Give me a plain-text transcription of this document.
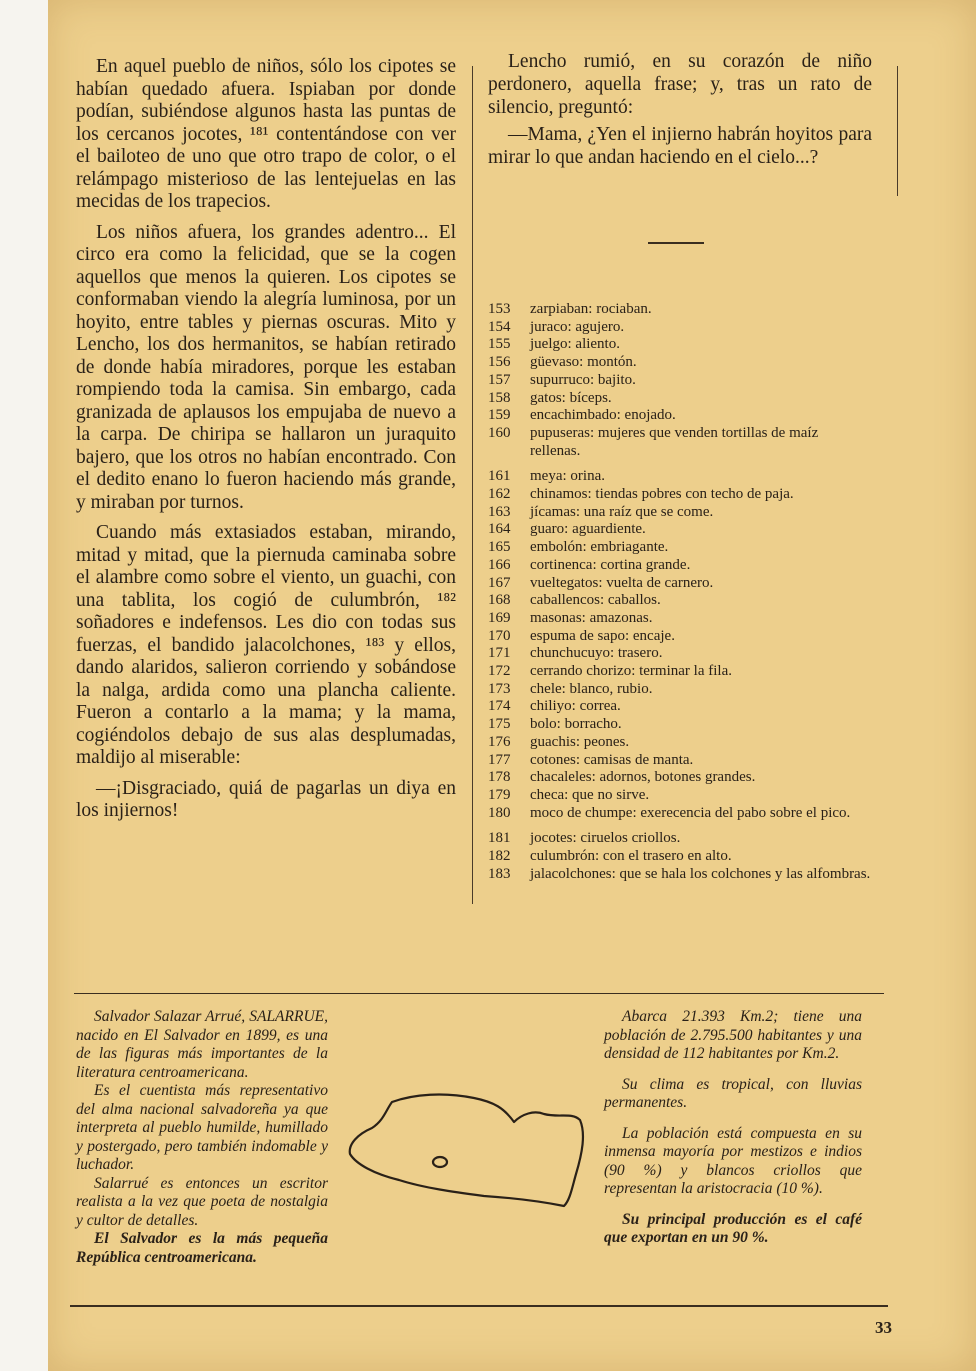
En aquel pueblo de niños, sólo los cipotes se habían quedado afuera. Ispiaban por donde podían, subiéndose algunos hasta las puntas de los cercanos jocotes, ¹⁸¹ contentándose con ver el bailoteo de uno que otro trapo de color, o el relámpago misterioso de las lentejuelas en las mecidas de los trapecios.

Los niños afuera, los grandes adentro... El circo era como la felicidad, que se la cogen aquellos que menos la quieren. Los cipotes se conformaban viendo la alegría luminosa, por un hoyito, entre tables y piernas oscuras. Mito y Lencho, los dos hermanitos, se habían retirado de donde había miradores, porque les estaban rompiendo toda la camisa. Sin embargo, cada granizada de aplausos los empujaba de nuevo a la carpa. De chiripa se hallaron un juraquito bajero, que los otros no habían encontrado. Con el dedito enano lo fueron haciendo más grande, y miraban por turnos.

Cuando más extasiados estaban, mirando, mitad y mitad, que la piernuda caminaba sobre el alambre como sobre el viento, un guachi, con una tablita, los cogió de culumbrón, ¹⁸² soñadores e indefensos. Les dio con todas sus fuerzas, el bandido jalacolchones, ¹⁸³ y ellos, dando alaridos, salieron corriendo y sobándose la nalga, ardida como una plancha caliente. Fueron a contarlo a la mama; y la mama, cogiéndolos debajo de sus alas desplumadas, maldijo al miserable:

—¡Disgraciado, quiá de pagarlas un diya en los injiernos!

Lencho rumió, en su corazón de niño perdonero, aquella frase; y, tras un rato de silencio, preguntó:

—Mama, ¿Yen el injierno habrán hoyitos para mirar lo que andan haciendo en el cielo...?

153	zarpiaban: rociaban.
154	juraco: agujero.
155	juelgo: aliento.
156	güevaso: montón.
157	supurruco: bajito.
158	gatos: bíceps.
159	encachimbado: enojado.
160	pupuseras: mujeres que venden tortillas de maíz rellenas.
161	meya: orina.
162	chinamos: tiendas pobres con techo de paja.
163	jícamas: una raíz que se come.
164	guaro: aguardiente.
165	embolón: embriagante.
166	cortinenca: cortina grande.
167	vueltegatos: vuelta de carnero.
168	caballencos: caballos.
169	masonas: amazonas.
170	espuma de sapo: encaje.
171	chunchucuyo: trasero.
172	cerrando chorizo: terminar la fila.
173	chele: blanco, rubio.
174	chiliyo: correa.
175	bolo: borracho.
176	guachis: peones.
177	cotones: camisas de manta.
178	chacaleles: adornos, botones grandes.
179	checa: que no sirve.
180	moco de chumpe: exerecencia del pabo sobre el pico.
181	jocotes: ciruelos criollos.
182	culumbrón: con el trasero en alto.
183	jalacolchones: que se hala los colchones y las alfombras.

Salvador Salazar Arrué, SALARRUE, nacido en El Salvador en 1899, es una de las figuras más importantes de la literatura centroamericana.

Es el cuentista más representativo del alma nacional salvadoreña ya que interpreta al pueblo humilde, humillado y postergado, pero también indomable y luchador.

Salarrué es entonces un escritor realista a la vez que poeta de nostalgia y cultor de detalles.

El Salvador es la más pequeña República centroamericana.

Abarca 21.393 Km.2; tiene una población de 2.795.500 habitantes y una densidad de 112 habitantes por Km.2.

Su clima es tropical, con lluvias permanentes.

La población está compuesta en su inmensa mayoría por mestizos e indios (90 %) y blancos criollos que representan la aristocracia (10 %).

Su principal producción es el café que exportan en un 90 %.

33
